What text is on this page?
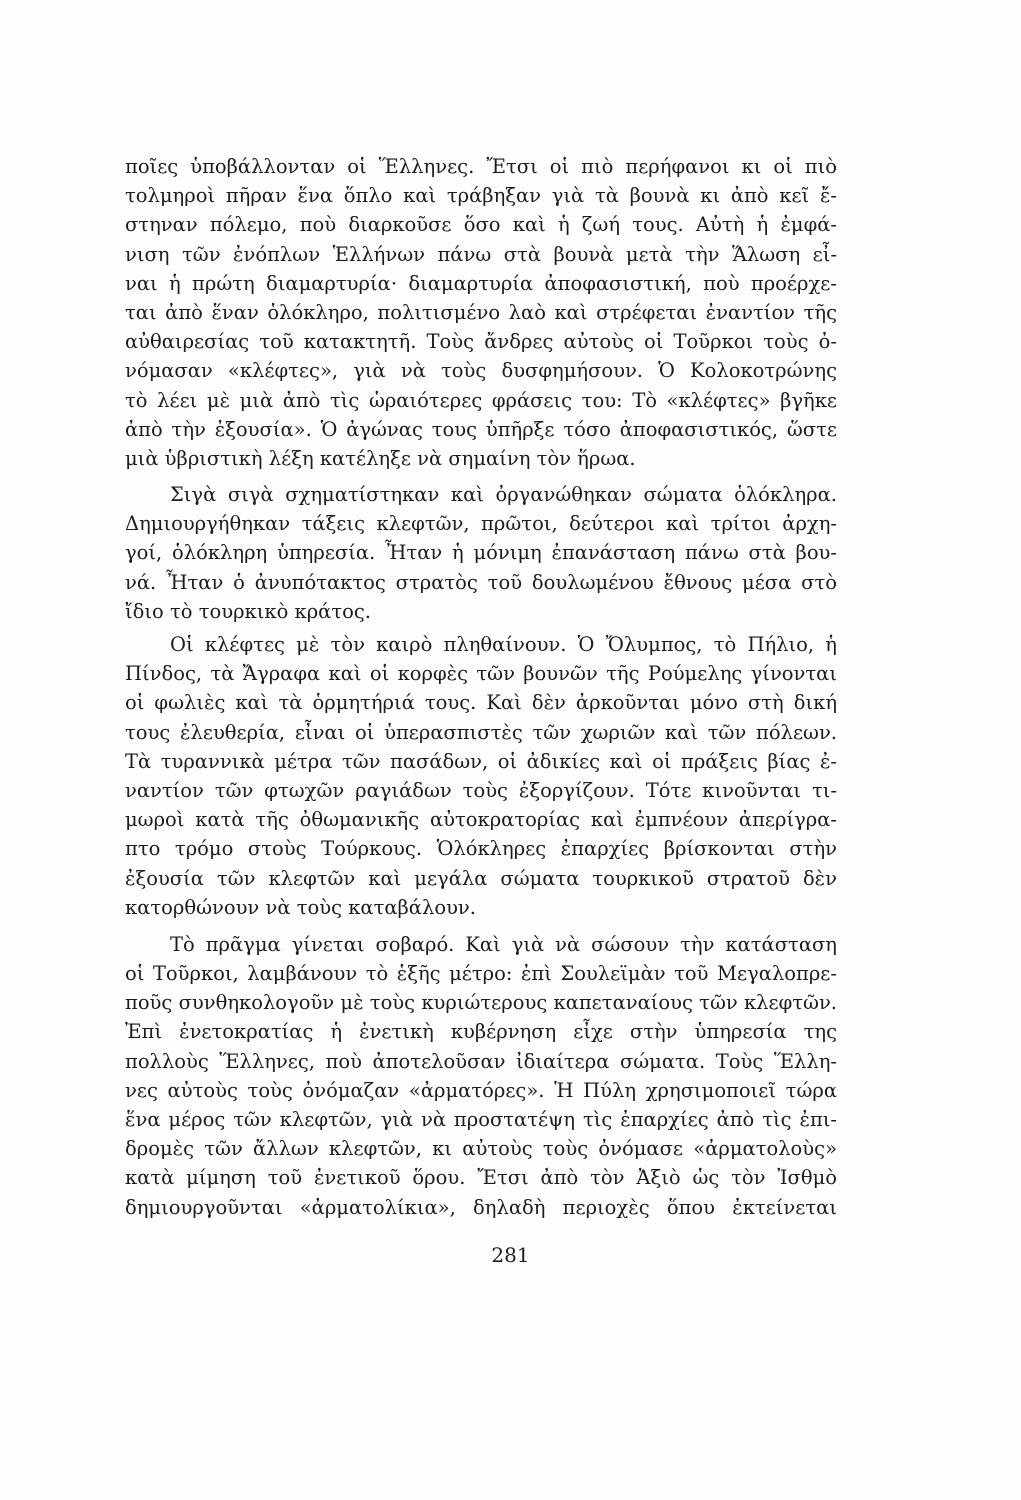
ποῖες ὑποβάλλονταν οἱ Ἕλληνες. Ἔτσι οἱ πιὸ περήφανοι κι οἱ πιὸ
τολμηροὶ πῆραν ἕνα ὅπλο καὶ τράβηξαν γιὰ τὰ βουνὰ κι ἀπὸ κεῖ ἔ-
στηναν πόλεμο, ποὺ διαρκοῦσε ὅσο καὶ ἡ ζωή τους. Αὐτὴ ἡ ἐμφά-
νιση τῶν ἐνόπλων Ἑλλήνων πάνω στὰ βουνὰ μετὰ τὴν Ἅλωση εἶ-
ναι ἡ πρώτη διαμαρτυρία· διαμαρτυρία ἀποφασιστική, ποὺ προέρχε-
ται ἀπὸ ἕναν ὁλόκληρο, πολιτισμένο λαὸ καὶ στρέφεται ἐναντίον τῆς
αὐθαιρεσίας τοῦ κατακτητῆ. Τοὺς ἄνδρες αὐτοὺς οἱ Τοῦρκοι τοὺς ὀ-
νόμασαν «κλέφτες», γιὰ νὰ τοὺς δυσφημήσουν. Ὁ Κολοκοτρώνης
τὸ λέει μὲ μιὰ ἀπὸ τὶς ὡραιότερες φράσεις του: Τὸ «κλέφτες» βγῆκε
ἀπὸ τὴν ἐξουσία». Ὁ ἀγώνας τους ὑπῆρξε τόσο ἀποφασιστικός, ὥστε
μιὰ ὑβριστικὴ λέξη κατέληξε νὰ σημαίνη τὸν ἥρωα.

Σιγὰ σιγὰ σχηματίστηκαν καὶ ὀργανώθηκαν σώματα ὁλόκληρα.
Δημιουργήθηκαν τάξεις κλεφτῶν, πρῶτοι, δεύτεροι καὶ τρίτοι ἀρχη-
γοί, ὁλόκληρη ὑπηρεσία. Ἦταν ἡ μόνιμη ἐπανάσταση πάνω στὰ βου-
νά. Ἦταν ὁ ἀνυπότακτος στρατὸς τοῦ δουλωμένου ἔθνους μέσα στὸ
ἴδιο τὸ τουρκικὸ κράτος.

Οἱ κλέφτες μὲ τὸν καιρὸ πληθαίνουν. Ὁ Ὄλυμπος, τὸ Πήλιο, ἡ
Πίνδος, τὰ Ἄγραφα καὶ οἱ κορφὲς τῶν βουνῶν τῆς Ρούμελης γίνονται
οἱ φωλιὲς καὶ τὰ ὁρμητήριά τους. Καὶ δὲν ἀρκοῦνται μόνο στὴ δική
τους ἐλευθερία, εἶναι οἱ ὑπερασπιστὲς τῶν χωριῶν καὶ τῶν πόλεων.
Τὰ τυραννικὰ μέτρα τῶν πασάδων, οἱ ἀδικίες καὶ οἱ πράξεις βίας ἐ-
ναντίον τῶν φτωχῶν ραγιάδων τοὺς ἐξοργίζουν. Τότε κινοῦνται τι-
μωροὶ κατὰ τῆς ὀθωμανικῆς αὐτοκρατορίας καὶ ἐμπνέουν ἀπερίγρα-
πτο τρόμο στοὺς Τούρκους. Ὁλόκληρες ἐπαρχίες βρίσκονται στὴν
ἐξουσία τῶν κλεφτῶν καὶ μεγάλα σώματα τουρκικοῦ στρατοῦ δὲν
κατορθώνουν νὰ τοὺς καταβάλουν.

Τὸ πρᾶγμα γίνεται σοβαρό. Καὶ γιὰ νὰ σώσουν τὴν κατάσταση
οἱ Τοῦρκοι, λαμβάνουν τὸ ἑξῆς μέτρο: ἐπὶ Σουλεϊμὰν τοῦ Μεγαλοπρε-
ποῦς συνθηκολογοῦν μὲ τοὺς κυριώτερους καπεταναίους τῶν κλεφτῶν.
Ἐπὶ ἐνετοκρατίας ἡ ἐνετικὴ κυβέρνηση εἶχε στὴν ὑπηρεσία της
πολλοὺς Ἕλληνες, ποὺ ἀποτελοῦσαν ἰδιαίτερα σώματα. Τοὺς Ἕλλη-
νες αὐτοὺς τοὺς ὀνόμαζαν «ἀρματόρες». Ἡ Πύλη χρησιμοποιεῖ τώρα
ἕνα μέρος τῶν κλεφτῶν, γιὰ νὰ προστατέψη τὶς ἐπαρχίες ἀπὸ τὶς ἐπι-
δρομὲς τῶν ἄλλων κλεφτῶν, κι αὐτοὺς τοὺς ὀνόμασε «ἀρματολοὺς»
κατὰ μίμηση τοῦ ἐνετικοῦ ὅρου. Ἔτσι ἀπὸ τὸν Ἀξιὸ ὡς τὸν Ἰσθμὸ
δημιουργοῦνται «ἀρματολίκια», δηλαδὴ περιοχὲς ὅπου ἐκτείνεται

281
